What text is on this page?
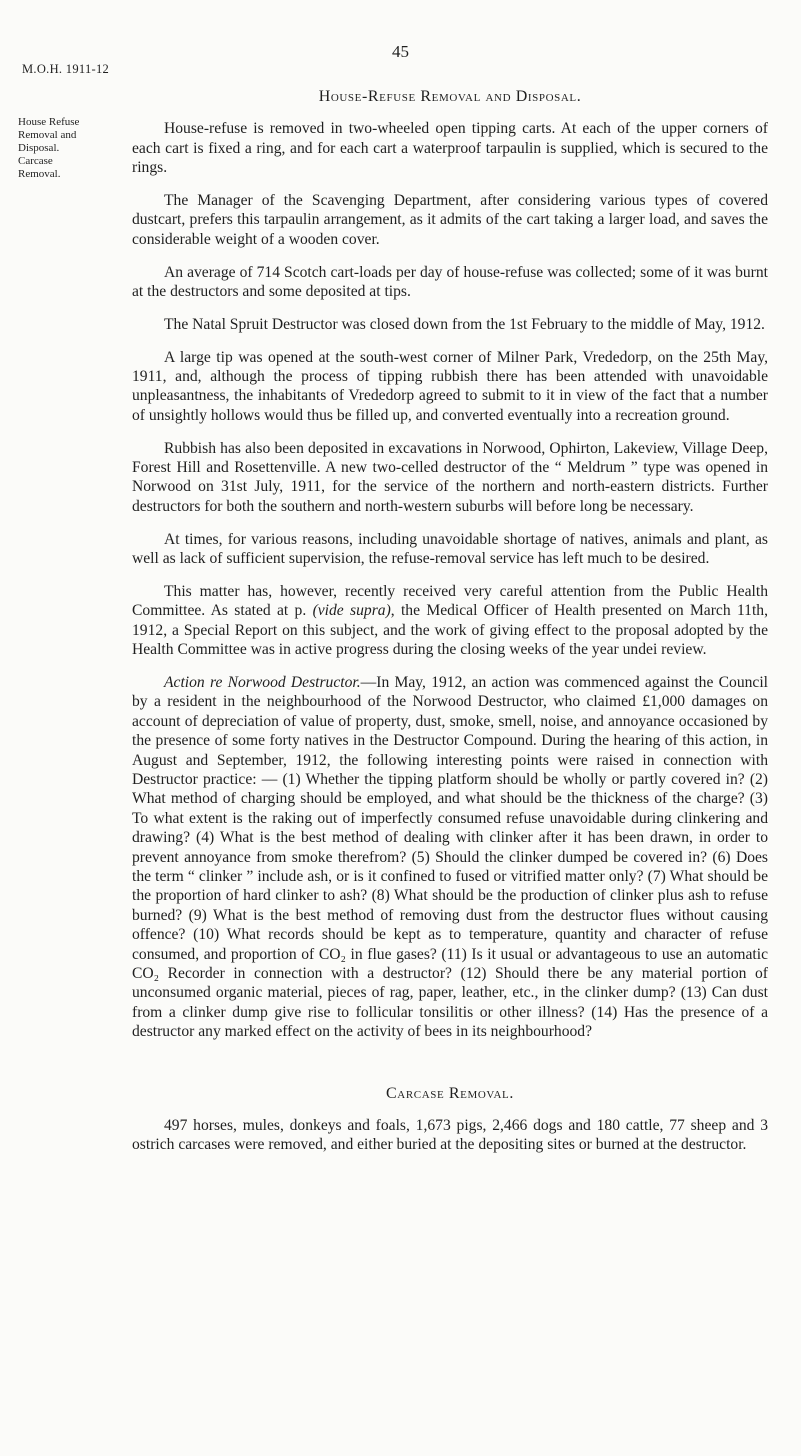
45
M.O.H. 1911-12
House Refuse
Removal and
Disposal.
Carcase
Removal.
House-Refuse Removal and Disposal.

House-refuse is removed in two-wheeled open tipping carts. At each of the upper corners of each cart is fixed a ring, and for each cart a waterproof tarpaulin is supplied, which is secured to the rings.

The Manager of the Scavenging Department, after considering various types of covered dustcart, prefers this tarpaulin arrangement, as it admits of the cart taking a larger load, and saves the considerable weight of a wooden cover.

An average of 714 Scotch cart-loads per day of house-refuse was collected; some of it was burnt at the destructors and some deposited at tips.

The Natal Spruit Destructor was closed down from the 1st February to the middle of May, 1912.

A large tip was opened at the south-west corner of Milner Park, Vrededorp, on the 25th May, 1911, and, although the process of tipping rubbish there has been attended with unavoidable unpleasantness, the inhabitants of Vrededorp agreed to submit to it in view of the fact that a number of unsightly hollows would thus be filled up, and converted eventually into a recreation ground.

Rubbish has also been deposited in excavations in Norwood, Ophirton, Lakeview, Village Deep, Forest Hill and Rosettenville. A new two-celled destructor of the “ Meldrum ” type was opened in Norwood on 31st July, 1911, for the service of the northern and north-eastern districts. Further destructors for both the southern and north-western suburbs will before long be necessary.

At times, for various reasons, including unavoidable shortage of natives, animals and plant, as well as lack of sufficient supervision, the refuse-removal service has left much to be desired.

This matter has, however, recently received very careful attention from the Public Health Committee. As stated at p. (vide supra), the Medical Officer of Health presented on March 11th, 1912, a Special Report on this subject, and the work of giving effect to the proposal adopted by the Health Committee was in active progress during the closing weeks of the year undei review.

Action re Norwood Destructor.—In May, 1912, an action was commenced against the Council by a resident in the neighbourhood of the Norwood Destructor, who claimed £1,000 damages on account of depreciation of value of property, dust, smoke, smell, noise, and annoyance occasioned by the presence of some forty natives in the Destructor Compound. During the hearing of this action, in August and September, 1912, the following interesting points were raised in connection with Destructor practice: — (1) Whether the tipping platform should be wholly or partly covered in? (2) What method of charging should be employed, and what should be the thickness of the charge? (3) To what extent is the raking out of imperfectly consumed refuse unavoidable during clinkering and drawing? (4) What is the best method of dealing with clinker after it has been drawn, in order to prevent annoyance from smoke therefrom? (5) Should the clinker dumped be covered in? (6) Does the term “ clinker ” include ash, or is it confined to fused or vitrified matter only? (7) What should be the proportion of hard clinker to ash? (8) What should be the production of clinker plus ash to refuse burned? (9) What is the best method of removing dust from the destructor flues without causing offence? (10) What records should be kept as to temperature, quantity and character of refuse consumed, and proportion of CO₂ in flue gases? (11) Is it usual or advantageous to use an automatic CO₂ Recorder in connection with a destructor? (12) Should there be any material portion of unconsumed organic material, pieces of rag, paper, leather, etc., in the clinker dump? (13) Can dust from a clinker dump give rise to follicular tonsilitis or other illness? (14) Has the presence of a destructor any marked effect on the activity of bees in its neighbourhood?

Carcase Removal.

497 horses, mules, donkeys and foals, 1,673 pigs, 2,466 dogs and 180 cattle, 77 sheep and 3 ostrich carcases were removed, and either buried at the depositing sites or burned at the destructor.
